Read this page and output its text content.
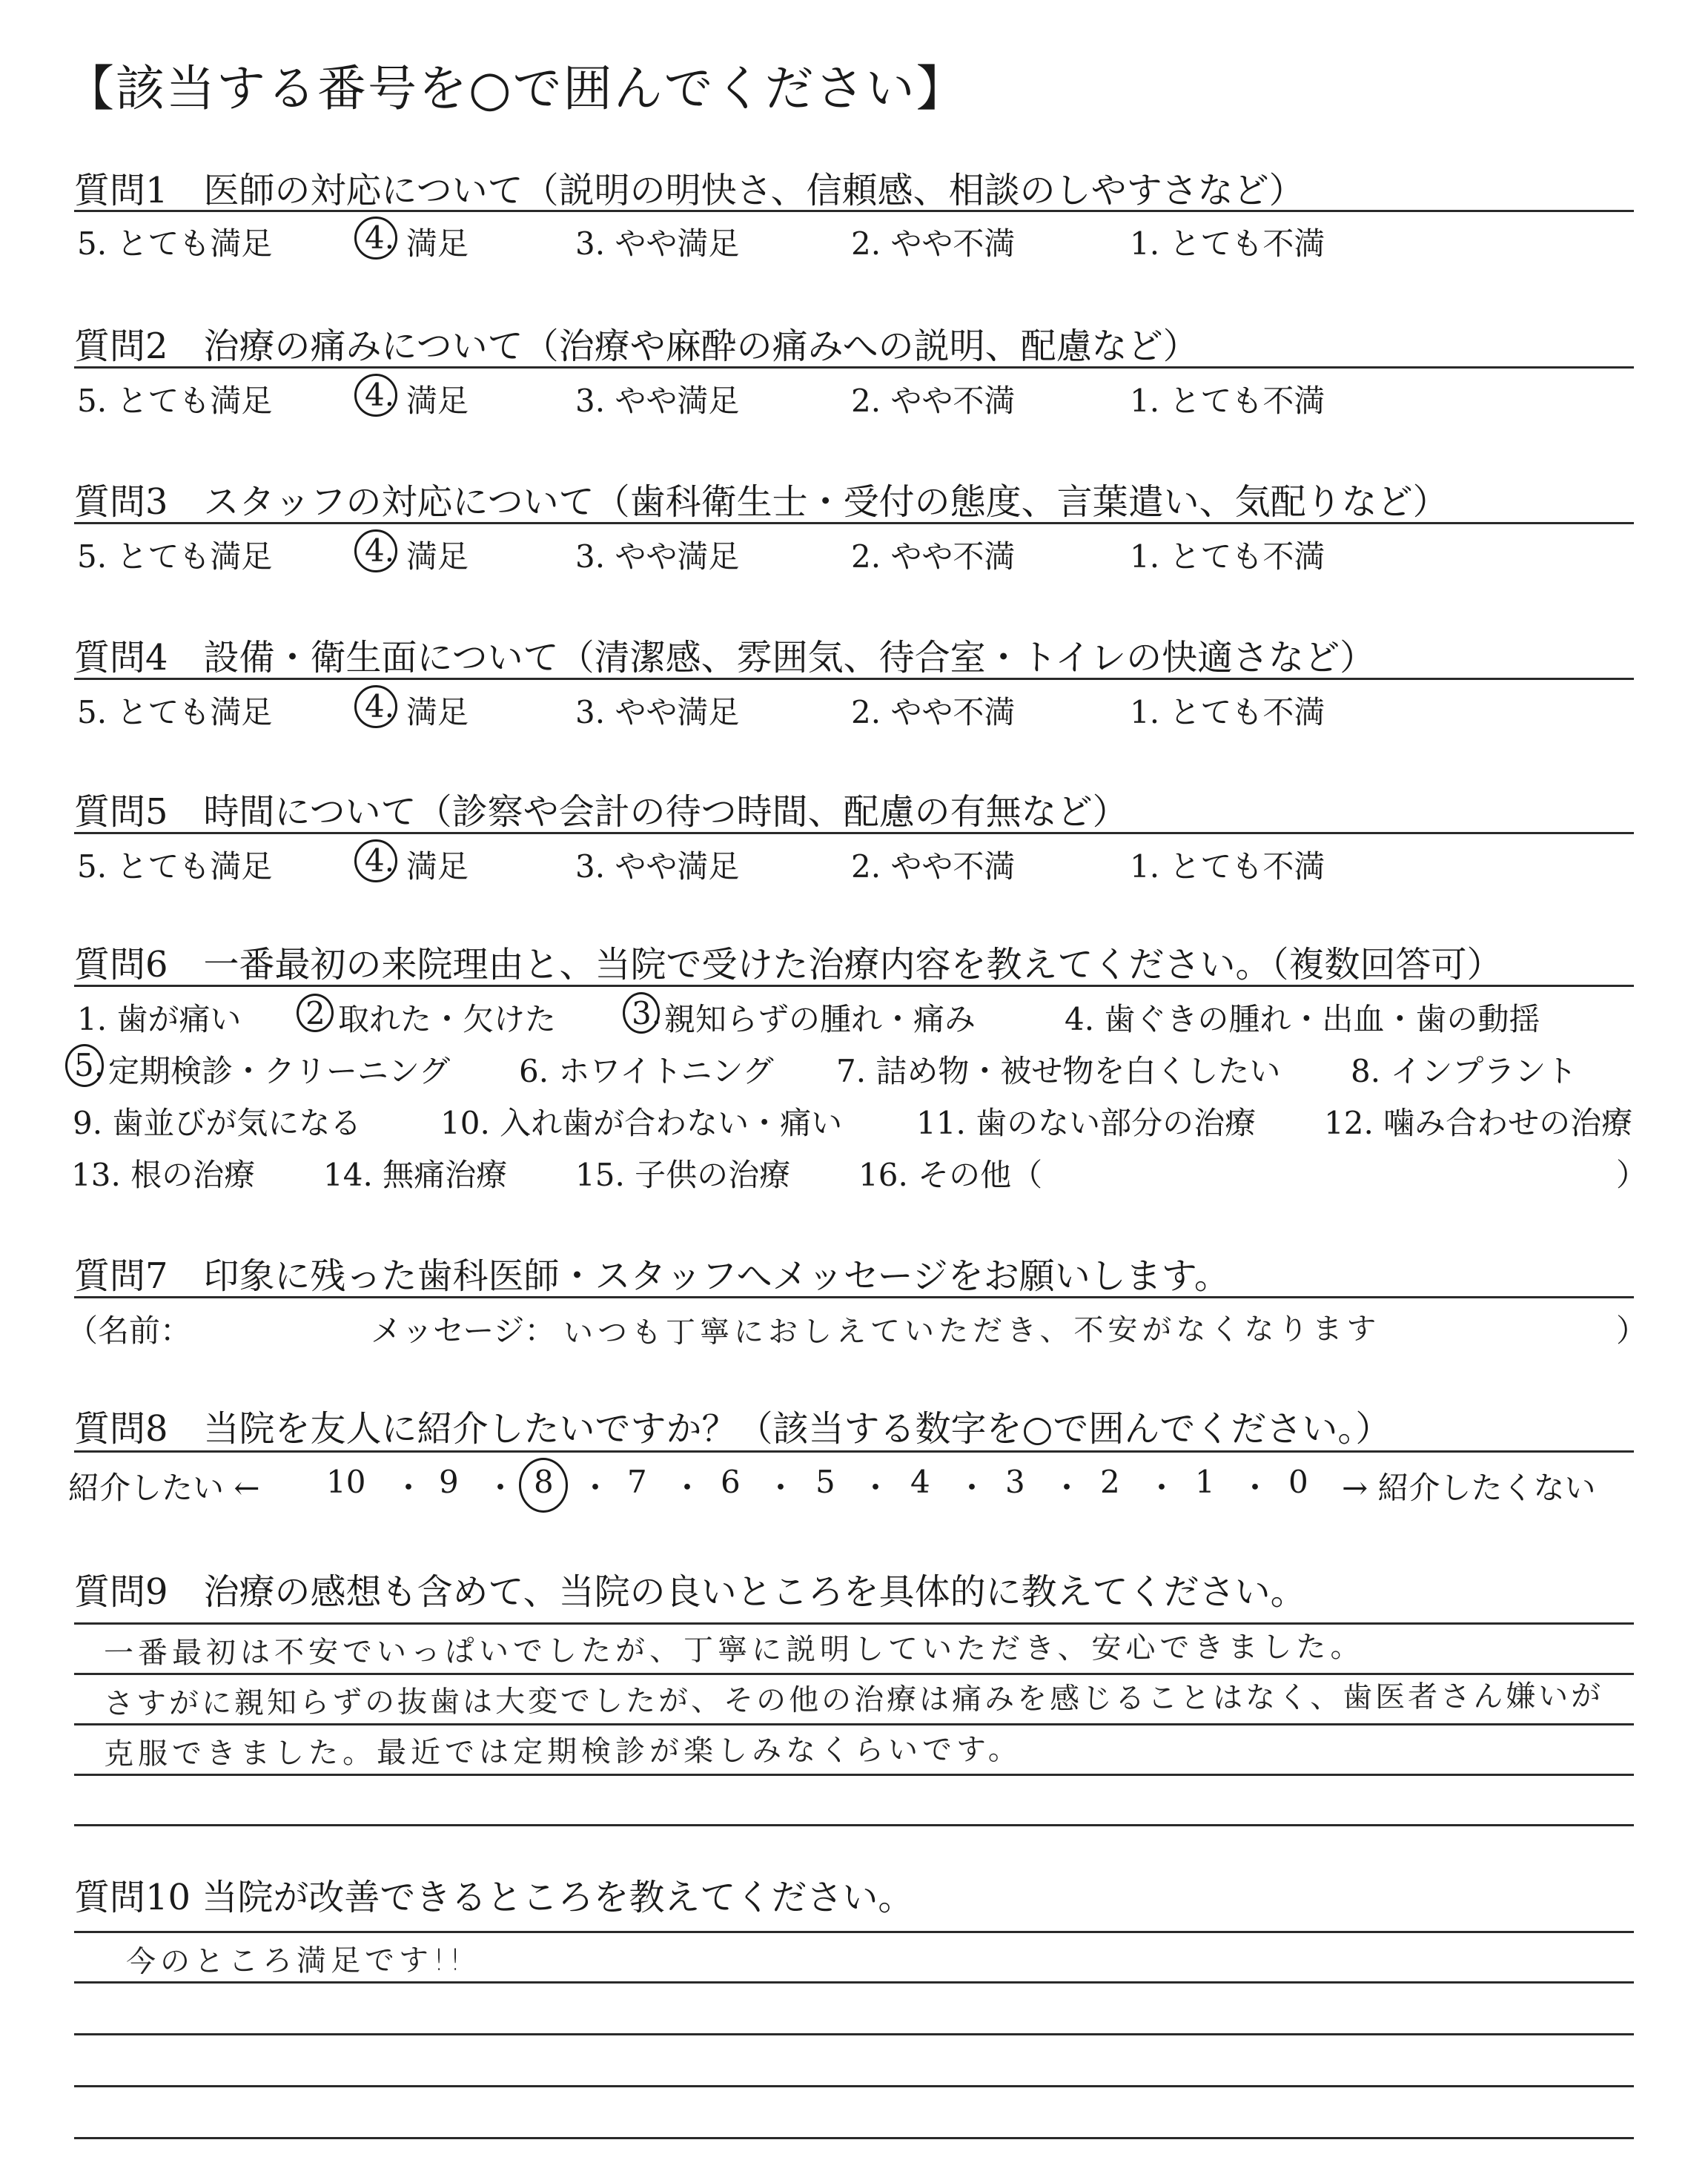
【該当する番号を○で囲んでください】
質問1　医師の対応について（説明の明快さ、信頼感、相談のしやすさなど）
5. とても満足	4. 満足	3. やや満足	2. やや不満	1. とても不満
質問2　治療の痛みについて（治療や麻酔の痛みへの説明、配慮など）
5. とても満足	4. 満足	3. やや満足	2. やや不満	1. とても不満
質問3　スタッフの対応について（歯科衛生士・受付の態度、言葉遣い、気配りなど）
5. とても満足	4. 満足	3. やや満足	2. やや不満	1. とても不満
質問4　設備・衛生面について（清潔感、雰囲気、待合室・トイレの快適さなど）
5. とても満足	4. 満足	3. やや満足	2. やや不満	1. とても不満
質問5　時間について（診察や会計の待つ時間、配慮の有無など）
5. とても満足	4. 満足	3. やや満足	2. やや不満	1. とても不満
質問6　一番最初の来院理由と、当院で受けた治療内容を教えてください。（複数回答可）
1. 歯が痛い 2 取れた・欠けた 3. 親知らずの腫れ・痛み	4. 歯ぐきの腫れ・出血・歯の動揺
5. 定期検診・クリーニング 6. ホワイトニング 7. 詰め物・被せ物を白くしたい 8. インプラント
9. 歯並びが気になる	10. 入れ歯が合わない・痛い 11. 歯のない部分の治療 12. 噛み合わせの治療
13. 根の治療 14. 無痛治療 15. 子供の治療 16. その他（	）
質問7　印象に残った歯科医師・スタッフへメッセージをお願いします。
（名前：	メッセージ： いつも丁寧におしえていただき、不安がなくなります	）
質問8　当院を友人に紹介したいですか？（該当する数字を○で囲んでください。）
紹介したい ← 10 ・ 9 ・ 8 ・ 7 ・ 6 ・ 5 ・ 4 ・ 3 ・ 2 ・ 1 ・ 0 → 紹介したくない
質問9　治療の感想も含めて、当院の良いところを具体的に教えてください。
一番最初は不安でいっぱいでしたが、丁寧に説明していただき、安心できました。
さすがに親知らずの抜歯は大変でしたが、その他の治療は痛みを感じることはなく、歯医者さん嫌いが
克服できました。最近では定期検診が楽しみなくらいです。
質問10 当院が改善できるところを教えてください。
今のところ満足です!!
